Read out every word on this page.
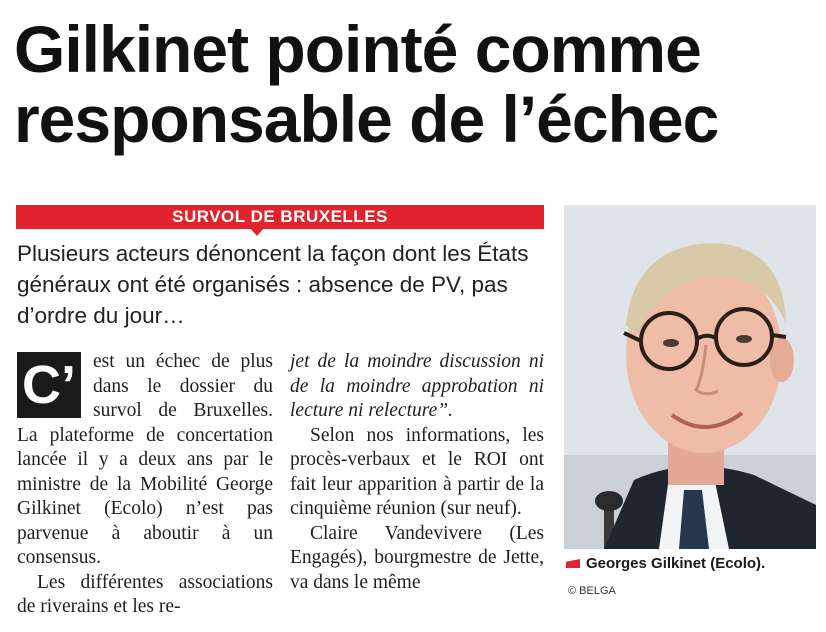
Gilkinet pointé comme responsable de l’échec
SURVOL DE BRUXELLES

Plusieurs acteurs dénoncent la façon dont les États généraux ont été organisés : absence de PV, pas d’ordre du jour…

C’ est un échec de plus dans le dossier du survol de Bruxelles. La plateforme de concertation lancée il y a deux ans par le ministre de la Mobilité George Gilkinet (Ecolo) n’est pas parvenue à aboutir à un consensus.

Les différentes associations de riverains et les re-

jet de la moindre discussion ni de la moindre approbation ni lecture ni relecture”.

Selon nos informations, les procès-verbaux et le ROI ont fait leur apparition à partir de la cinquième réunion (sur neuf).

Claire Vandevivere (Les Engagés), bourgmestre de Jette, va dans le même

Georges Gilkinet (Ecolo).
© BELGA
